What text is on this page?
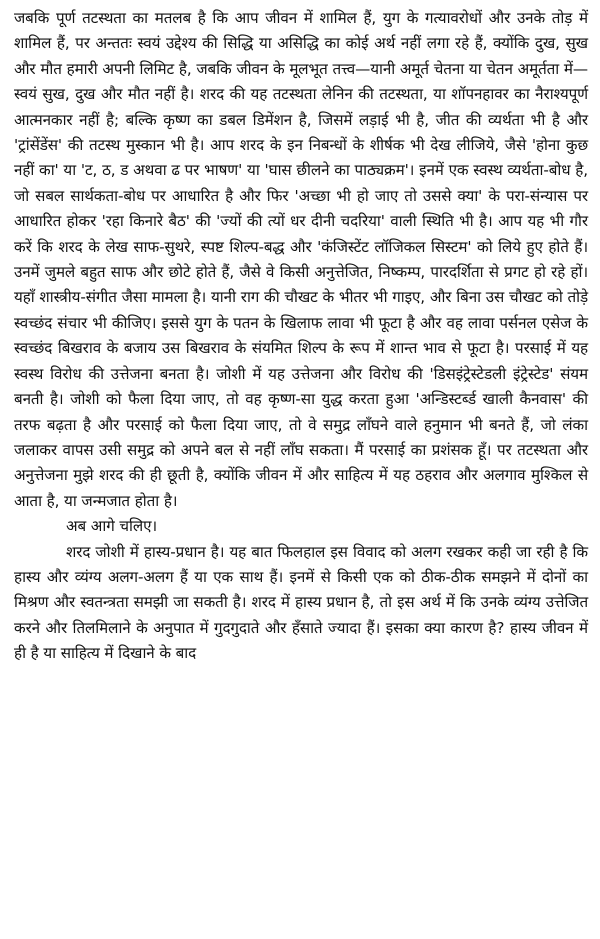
जबकि पूर्ण तटस्थता का मतलब है कि आप जीवन में शामिल हैं, युग के गत्यावरोधों और उनके तोड़ में शामिल हैं, पर अन्ततः स्वयं उद्देश्य की सिद्धि या असिद्धि का कोई अर्थ नहीं लगा रहे हैं, क्योंकि दुख, सुख और मौत हमारी अपनी लिमिट है, जबकि जीवन के मूलभूत तत्त्व—यानी अमूर्त चेतना या चेतन अमूर्तता में—स्वयं सुख, दुख और मौत नहीं है। शरद की यह तटस्थता लेनिन की तटस्थता, या शॉपनहावर का नैराश्यपूर्ण आत्मनकार नहीं है; बल्कि कृष्ण का डबल डिमेंशन है, जिसमें लड़ाई भी है, जीत की व्यर्थता भी है और 'ट्रांसेंडेंस' की तटस्थ मुस्कान भी है। आप शरद के इन निबन्धों के शीर्षक भी देख लीजिये, जैसे 'होना कुछ नहीं का' या 'ट, ठ, ड अथवा ढ पर भाषण' या 'घास छीलने का पाठ्यक्रम'। इनमें एक स्वस्थ व्यर्थता-बोध है, जो सबल सार्थकता-बोध पर आधारित है और फिर 'अच्छा भी हो जाए तो उससे क्या' के परा-संन्यास पर आधारित होकर 'रहा किनारे बैठ' की 'ज्यों की त्यों धर दीनी चदरिया' वाली स्थिति भी है। आप यह भी गौर करें कि शरद के लेख साफ-सुथरे, स्पष्ट शिल्प-बद्ध और 'कंजिस्टेंट लॉजिकल सिस्टम' को लिये हुए होते हैं। उनमें जुमले बहुत साफ और छोटे होते हैं, जैसे वे किसी अनुत्तेजित, निष्कम्प, पारदर्शिता से प्रगट हो रहे हों। यहाँ शास्त्रीय-संगीत जैसा मामला है। यानी राग की चौखट के भीतर भी गाइए, और बिना उस चौखट को तोड़े स्वच्छंद संचार भी कीजिए। इससे युग के पतन के खिलाफ लावा भी फूटा है और वह लावा पर्सनल एसेज के स्वच्छंद बिखराव के बजाय उस बिखराव के संयमित शिल्प के रूप में शान्त भाव से फूटा है। परसाई में यह स्वस्थ विरोध की उत्तेजना बनता है। जोशी में यह उत्तेजना और विरोध की 'डिसइंट्रेस्टेडली इंट्रेस्टेड' संयम बनती है। जोशी को फैला दिया जाए, तो वह कृष्ण-सा युद्ध करता हुआ 'अन्डिस्टर्ब्ड खाली कैनवास' की तरफ बढ़ता है और परसाई को फैला दिया जाए, तो वे समुद्र लाँघने वाले हनुमान भी बनते हैं, जो लंका जलाकर वापस उसी समुद्र को अपने बल से नहीं लाँघ सकता। मैं परसाई का प्रशंसक हूँ। पर तटस्थता और अनुत्तेजना मुझे शरद की ही छूती है, क्योंकि जीवन में और साहित्य में यह ठहराव और अलगाव मुश्किल से आता है, या जन्मजात होता है।

अब आगे चलिए।

शरद जोशी में हास्य-प्रधान है। यह बात फिलहाल इस विवाद को अलग रखकर कही जा रही है कि हास्य और व्यंग्य अलग-अलग हैं या एक साथ हैं। इनमें से किसी एक को ठीक-ठीक समझने में दोनों का मिश्रण और स्वतन्त्रता समझी जा सकती है। शरद में हास्य प्रधान है, तो इस अर्थ में कि उनके व्यंग्य उत्तेजित करने और तिलमिलाने के अनुपात में गुदगुदाते और हँसाते ज्यादा हैं। इसका क्या कारण है? हास्य जीवन में ही है या साहित्य में दिखाने के बाद
